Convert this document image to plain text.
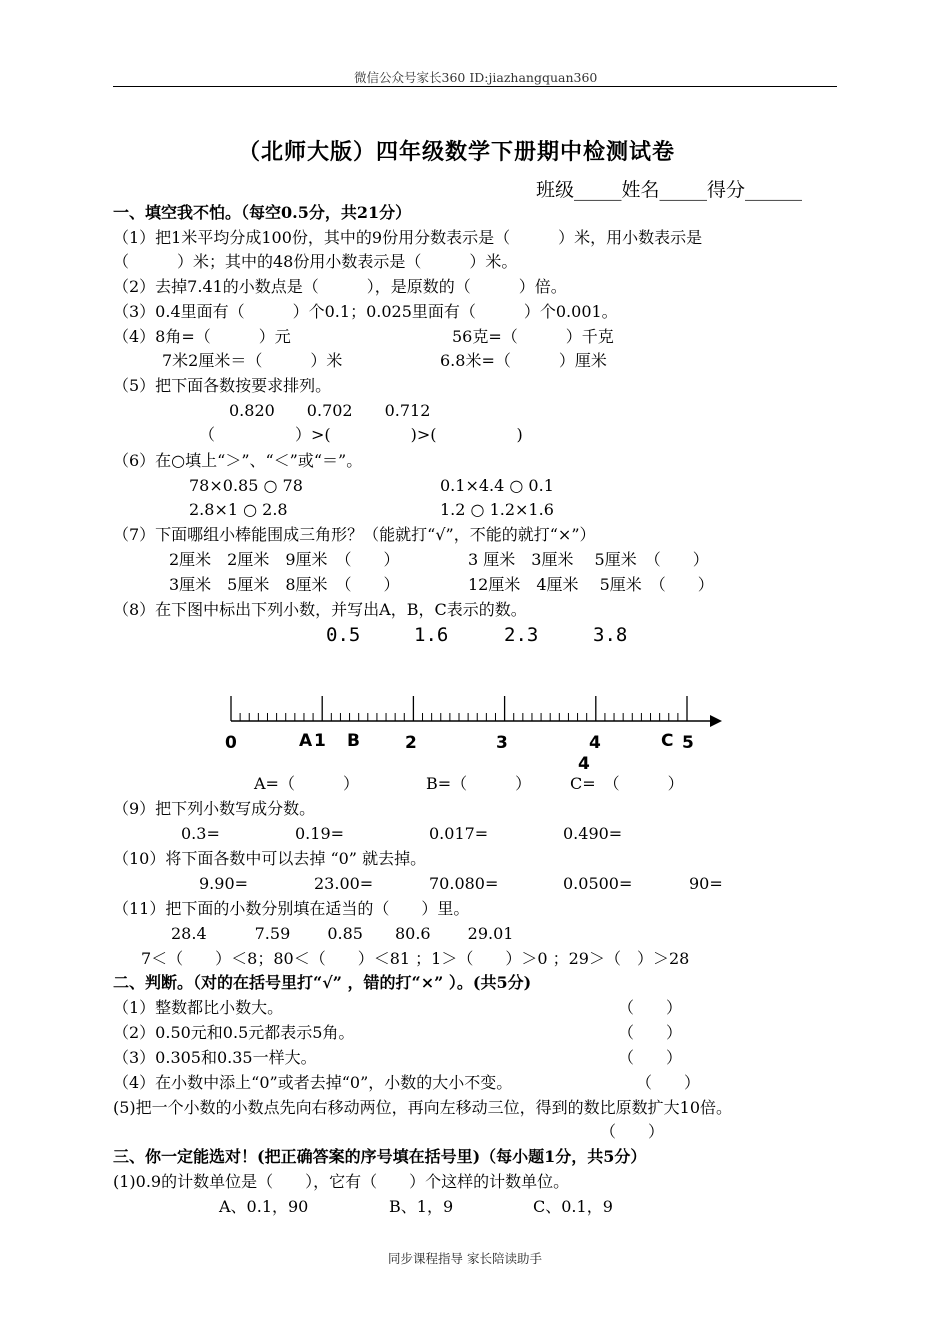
微信公众号家长360 ID:jiazhangquan360
（北师大版）四年级数学下册期中检测试卷
班级_____姓名_____得分______
一、填空我不怕。（每空0.5分，共21分）
（1）把1米平均分成100份，其中的9份用分数表示是（　　　）米，用小数表示是
（　　　）米；其中的48份用小数表示是（　　　）米。
（2）去掉7.41的小数点是（　　　），是原数的（　　　）倍。
（3）0.4里面有（　　　）个0.1；0.025里面有（　　　）个0.001。
（4）8角=（　　　）元	56克=（　　　）千克
7米2厘米＝（　　　）米	6.8米=（　　　）厘米
（5）把下面各数按要求排列。
0.820　　0.702　　0.712
（　　　　　）>(　　　　　)>(　　　　　)
（6）在○填上“＞”、“＜”或“＝”。
78×0.85 ○ 78	0.1×4.4 ○ 0.1
2.8×1 ○ 2.8	1.2 ○ 1.2×1.6
（7）下面哪组小棒能围成三角形？（能就打“√”，不能的就打“×”）
2厘米　2厘米　9厘米　（　　）	3 厘米　3厘米　 5厘米　（　　）
3厘米　5厘米　8厘米　（　　）	12厘米　4厘米　 5厘米　（　　）
（8）在下图中标出下列小数，并写出A，B，C表示的数。
0.5	1.6	2.3	3.8
0	A 1 B	2	3	4
4
C 5
A=（　　　）	B=（　　　） C=　（　　　）
（9）把下列小数写成分数。
0.3=	0.19=	0.017=	0.490=
（10）将下面各数中可以去掉 “0” 就去掉。
9.90=	23.00=	70.080=	0.0500=	90=
（11）把下面的小数分别填在适当的（　　）里。
28.4　　　7.59　　 0.85　　80.6　　 29.01
7＜（　　）＜8；80＜（　　）＜81 ；1＞（　　）＞0 ；29＞（　）＞28
二、判断。（对的在括号里打“√” ，错的打“×” ）。(共5分)
（1）整数都比小数大。	（　　）
（2）0.50元和0.5元都表示5角。	（　　）
（3）0.305和0.35一样大。	（　　）
（4）在小数中添上“0”或者去掉“0”，小数的大小不变。	（　　）
(5)把一个小数的小数点先向右移动两位，再向左移动三位，得到的数比原数扩大10倍。
（　　）
三、你一定能选对！(把正确答案的序号填在括号里)（每小题1分，共5分）
(1)0.9的计数单位是（　　），它有（　　）个这样的计数单位。
A、0.1，90	B、1，9	C、0.1，9
同步课程指导 家长陪读助手
